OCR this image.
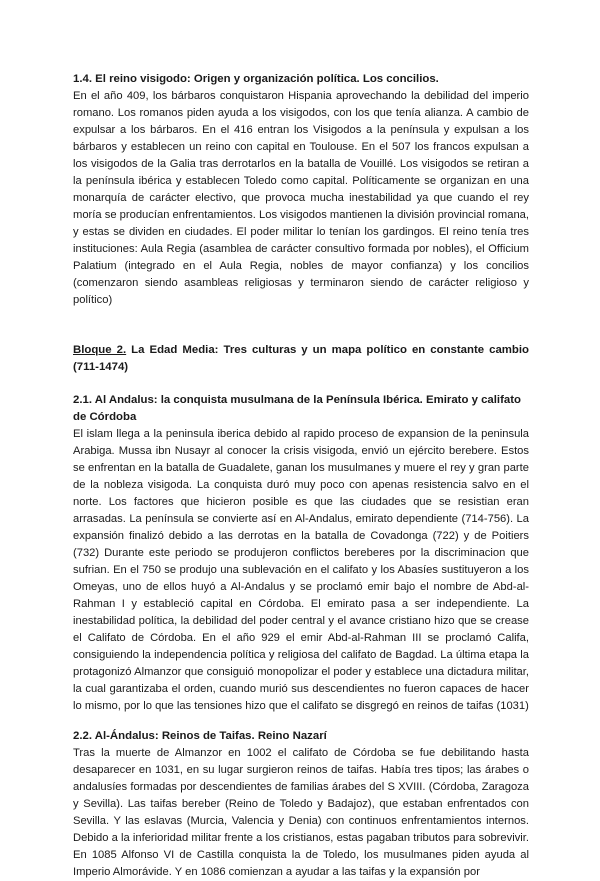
1.4. El reino visigodo: Origen y organización política. Los concilios.

En el año 409, los bárbaros conquistaron Hispania aprovechando la debilidad del imperio romano. Los romanos piden ayuda a los visigodos, con los que tenía alianza. A cambio de expulsar a los bárbaros. En el 416 entran los Visigodos a la península y expulsan a los bárbaros y establecen un reino con capital en Toulouse. En el 507 los francos expulsan a los visigodos de la Galia tras derrotarlos en la batalla de Vouillé. Los visigodos se retiran a la península ibérica y establecen Toledo como capital. Políticamente se organizan en una monarquía de carácter electivo, que provoca mucha inestabilidad ya que cuando el rey moría se producían enfrentamientos. Los visigodos mantienen la división provincial romana, y estas se dividen en ciudades. El poder militar lo tenían los gardingos. El reino tenía tres instituciones: Aula Regia (asamblea de carácter consultivo formada por nobles), el Officium Palatium (integrado en el Aula Regia, nobles de mayor confianza) y los concilios (comenzaron siendo asambleas religiosas y terminaron siendo de carácter religioso y político)

Bloque 2. La Edad Media: Tres culturas y un mapa político en constante cambio (711-1474)
2.1. Al Andalus: la conquista musulmana de la Península Ibérica. Emirato y califato de Córdoba

El islam llega a la peninsula iberica debido al rapido proceso de expansion de la peninsula Arabiga. Mussa ibn Nusayr al conocer la crisis visigoda, envió un ejército berebere. Estos se enfrentan en la batalla de Guadalete, ganan los musulmanes y muere el rey y gran parte de la nobleza visigoda. La conquista duró muy poco con apenas resistencia salvo en el norte. Los factores que hicieron posible es que las ciudades que se resistian eran arrasadas. La península se convierte así en Al-Andalus, emirato dependiente (714-756). La expansión finalizó debido a las derrotas en la batalla de Covadonga (722) y de Poitiers (732) Durante este periodo se produjeron conflictos bereberes por la discriminacion que sufrian. En el 750 se produjo una sublevación en el califato y los Abasíes sustituyeron a los Omeyas, uno de ellos huyó a Al-Andalus y se proclamó emir bajo el nombre de Abd-al-Rahman I y estableció capital en Córdoba. El emirato pasa a ser independiente. La inestabilidad política, la debilidad del poder central y el avance cristiano hizo que se crease el Califato de Córdoba. En el año 929 el emir Abd-al-Rahman III se proclamó Califa, consiguiendo la independencia política y religiosa del califato de Bagdad. La última etapa la protagonizó Almanzor que consiguió monopolizar el poder y establece una dictadura militar, la cual garantizaba el orden, cuando murió sus descendientes no fueron capaces de hacer lo mismo, por lo que las tensiones hizo que el califato se disgregó en reinos de taifas (1031)

2.2. Al-Ándalus: Reinos de Taifas. Reino Nazarí

Tras la muerte de Almanzor en 1002 el califato de Córdoba se fue debilitando hasta desaparecer en 1031, en su lugar surgieron reinos de taifas. Había tres tipos; las árabes o andalusíes formadas por descendientes de familias árabes del S XVIII. (Córdoba, Zaragoza y Sevilla). Las taifas bereber (Reino de Toledo y Badajoz), que estaban enfrentados con Sevilla. Y las eslavas (Murcia, Valencia y Denia) con continuos enfrentamientos internos. Debido a la inferioridad militar frente a los cristianos, estas pagaban tributos para sobrevivir. En 1085 Alfonso VI de Castilla conquista la de Toledo, los musulmanes piden ayuda al Imperio Almorávide. Y en 1086 comienzan a ayudar a las taifas y la expansión por
